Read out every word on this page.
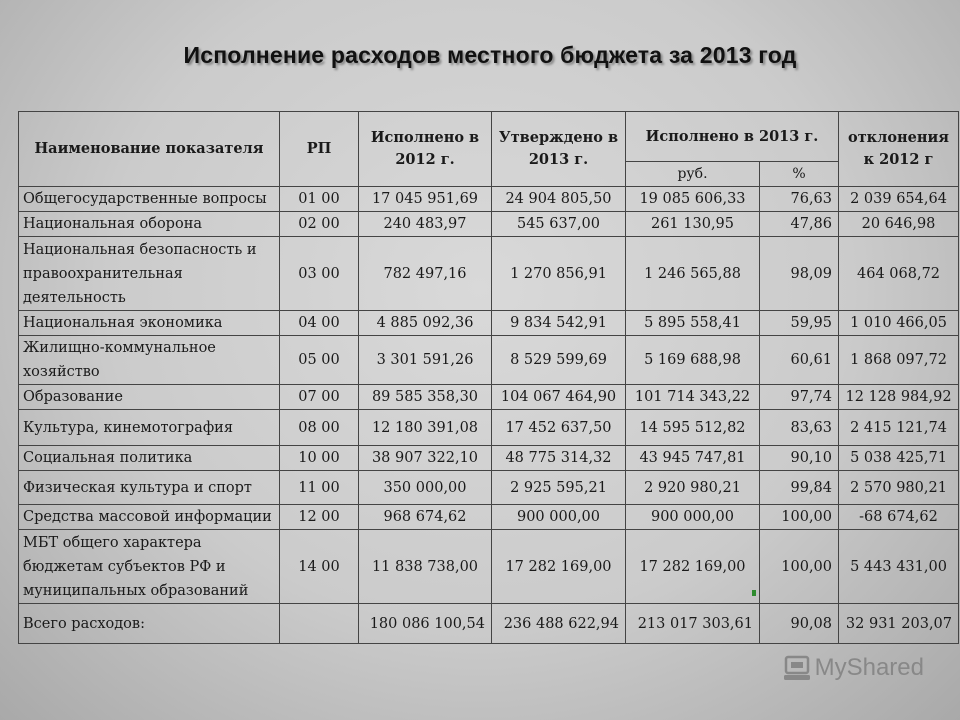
Исполнение расходов местного бюджета за 2013 год
Наименование показателя	РП	Исполнено в 2012 г.	Утверждено в 2013 г.	Исполнено в 2013 г.		отклонения к 2012 г
				руб.	%	
Общегосударственные вопросы	01 00	17 045 951,69	24 904 805,50	19 085 606,33	76,63	2 039 654,64
Национальная оборона	02 00	240 483,97	545 637,00	261 130,95	47,86	20 646,98
Национальная безопасность и правоохранительная деятельность	03 00	782 497,16	1 270 856,91	1 246 565,88	98,09	464 068,72
Национальная экономика	04 00	4 885 092,36	9 834 542,91	5 895 558,41	59,95	1 010 466,05
Жилищно-коммунальное хозяйство	05 00	3 301 591,26	8 529 599,69	5 169 688,98	60,61	1 868 097,72
Образование	07 00	89 585 358,30	104 067 464,90	101 714 343,22	97,74	12 128 984,92
Культура, кинемотография	08 00	12 180 391,08	17 452 637,50	14 595 512,82	83,63	2 415 121,74
Социальная политика	10 00	38 907 322,10	48 775 314,32	43 945 747,81	90,10	5 038 425,71
Физическая культура и спорт	11 00	350 000,00	2 925 595,21	2 920 980,21	99,84	2 570 980,21
Средства массовой информации	12 00	968 674,62	900 000,00	900 000,00	100,00	-68 674,62
МБТ общего характера бюджетам субъектов РФ и муниципальных образований	14 00	11 838 738,00	17 282 169,00	17 282 169,00	100,00	5 443 431,00
Всего расходов:		180 086 100,54	236 488 622,94	213 017 303,61	90,08	32 931 203,07
MyShared
